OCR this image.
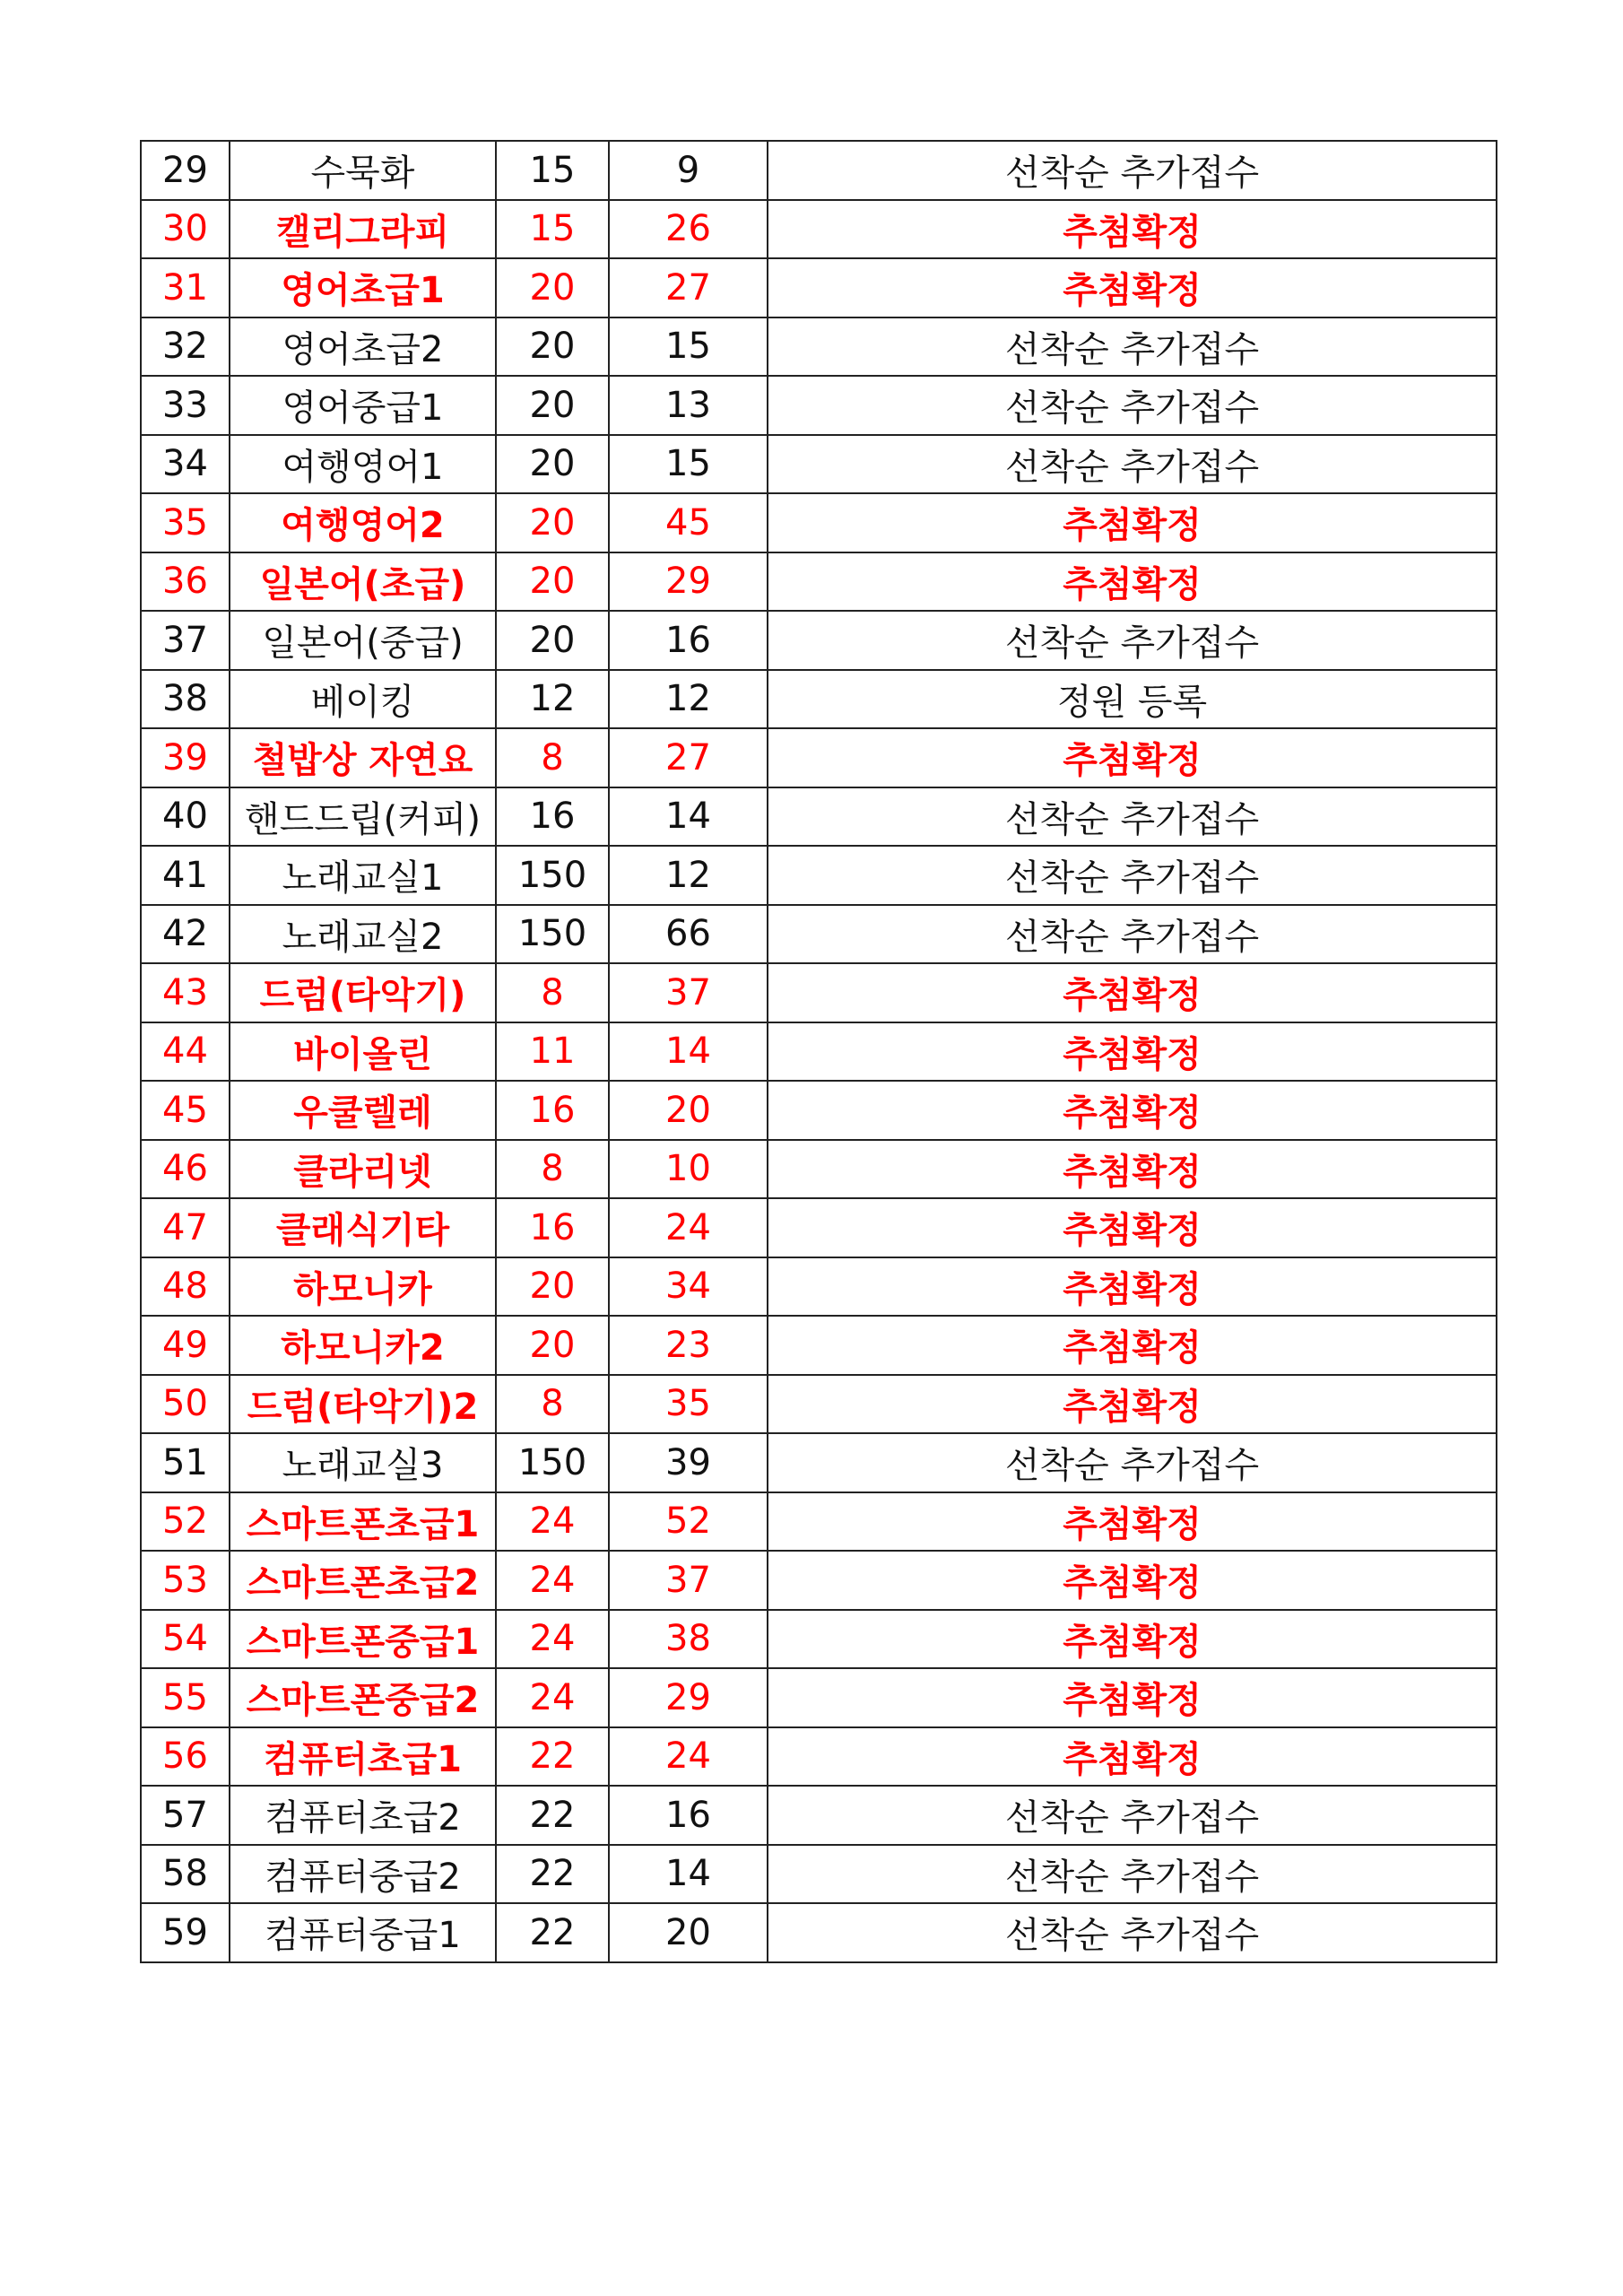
29	수묵화	15	9	선착순 추가접수
30	캘리그라피	15	26	추첨확정
31	영어초급1	20	27	추첨확정
32	영어초급2	20	15	선착순 추가접수
33	영어중급1	20	13	선착순 추가접수
34	여행영어1	20	15	선착순 추가접수
35	여행영어2	20	45	추첨확정
36	일본어(초급)	20	29	추첨확정
37	일본어(중급)	20	16	선착순 추가접수
38	베이킹	12	12	정원 등록
39	철밥상 자연요	8	27	추첨확정
40	핸드드립(커피)	16	14	선착순 추가접수
41	노래교실1	150	12	선착순 추가접수
42	노래교실2	150	66	선착순 추가접수
43	드럼(타악기)	8	37	추첨확정
44	바이올린	11	14	추첨확정
45	우쿨렐레	16	20	추첨확정
46	클라리넷	8	10	추첨확정
47	클래식기타	16	24	추첨확정
48	하모니카	20	34	추첨확정
49	하모니카2	20	23	추첨확정
50	드럼(타악기)2	8	35	추첨확정
51	노래교실3	150	39	선착순 추가접수
52	스마트폰초급1	24	52	추첨확정
53	스마트폰초급2	24	37	추첨확정
54	스마트폰중급1	24	38	추첨확정
55	스마트폰중급2	24	29	추첨확정
56	컴퓨터초급1	22	24	추첨확정
57	컴퓨터초급2	22	16	선착순 추가접수
58	컴퓨터중급2	22	14	선착순 추가접수
59	컴퓨터중급1	22	20	선착순 추가접수
